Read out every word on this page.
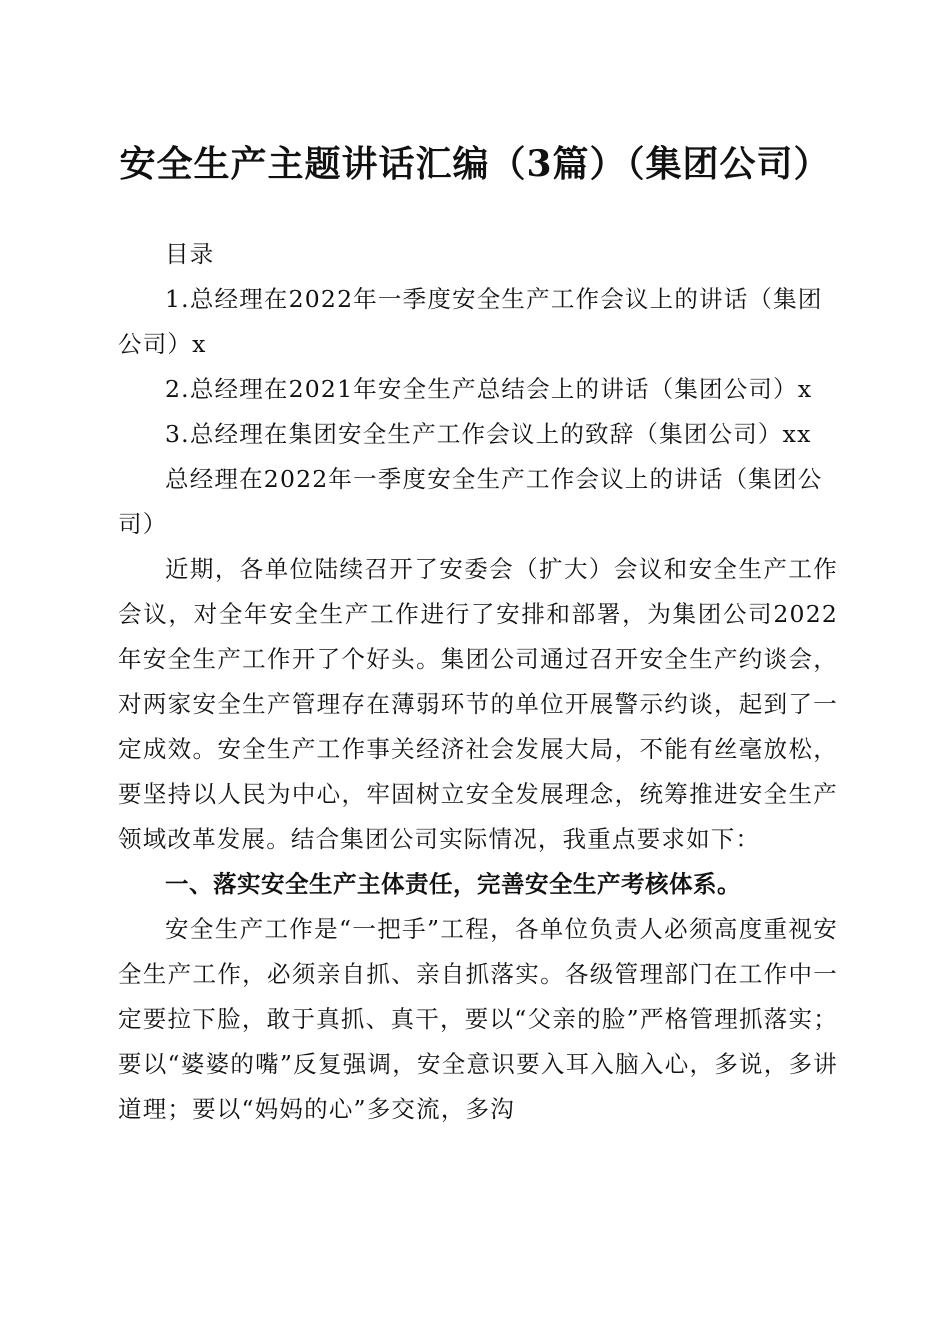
安全生产主题讲话汇编（3篇）（集团公司）

目录

1.总经理在2022年一季度安全生产工作会议上的讲话（集团公司）x

2.总经理在2021年安全生产总结会上的讲话（集团公司）x

3.总经理在集团安全生产工作会议上的致辞（集团公司）xx

总经理在2022年一季度安全生产工作会议上的讲话（集团公司）

近期，各单位陆续召开了安委会（扩大）会议和安全生产工作会议，对全年安全生产工作进行了安排和部署，为集团公司2022年安全生产工作开了个好头。集团公司通过召开安全生产约谈会，对两家安全生产管理存在薄弱环节的单位开展警示约谈，起到了一定成效。安全生产工作事关经济社会发展大局，不能有丝毫放松，要坚持以人民为中心，牢固树立安全发展理念，统筹推进安全生产领域改革发展。结合集团公司实际情况，我重点要求如下：

一、落实安全生产主体责任，完善安全生产考核体系。

安全生产工作是“一把手”工程，各单位负责人必须高度重视安全生产工作，必须亲自抓、亲自抓落实。各级管理部门在工作中一定要拉下脸，敢于真抓、真干，要以“父亲的脸”严格管理抓落实；要以“婆婆的嘴”反复强调，安全意识要入耳入脑入心，多说，多讲道理；要以“妈妈的心”多交流，多沟
